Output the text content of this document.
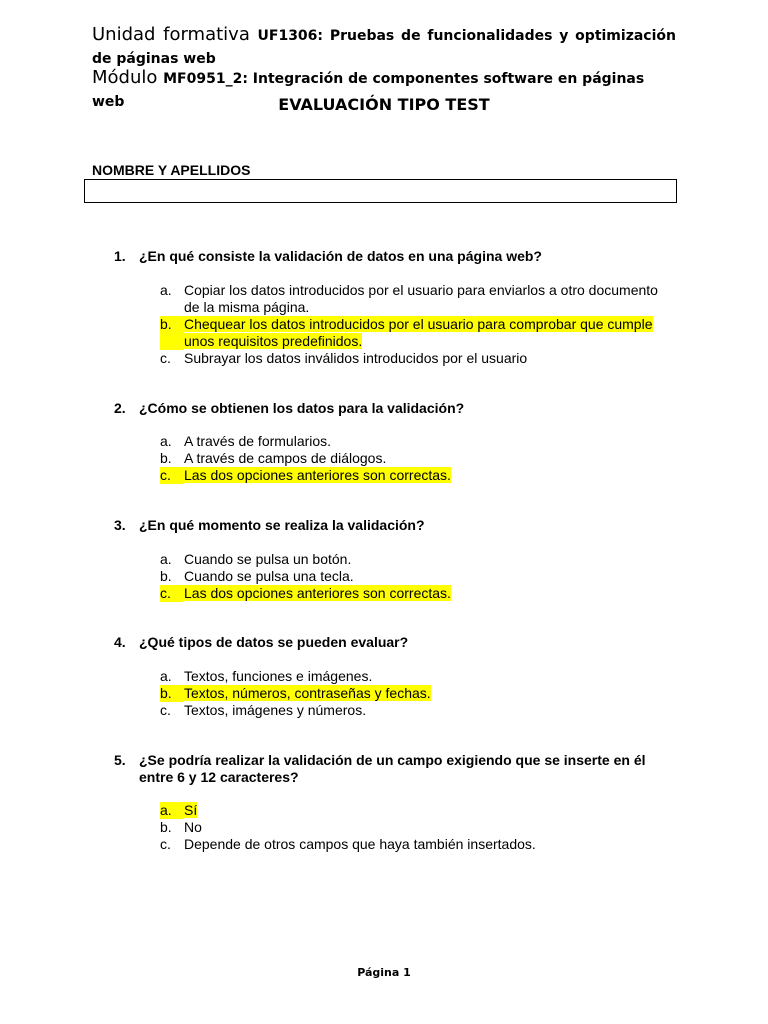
Unidad formativa UF1306: Pruebas de funcionalidades y optimización de páginas web
Módulo MF0951_2: Integración de componentes software en páginas web	EVALUACIÓN TIPO TEST
NOMBRE Y APELLIDOS
1. ¿En qué consiste la validación de datos en una página web?
a. Copiar los datos introducidos por el usuario para enviarlos a otro documento de la misma página.
b. Chequear los datos introducidos por el usuario para comprobar que cumple unos requisitos predefinidos.
c. Subrayar los datos inválidos introducidos por el usuario
2. ¿Cómo se obtienen los datos para la validación?
a. A través de formularios.
b. A través de campos de diálogos.
c. Las dos opciones anteriores son correctas.
3. ¿En qué momento se realiza la validación?
a. Cuando se pulsa un botón.
b. Cuando se pulsa una tecla.
c. Las dos opciones anteriores son correctas.
4. ¿Qué tipos de datos se pueden evaluar?
a. Textos, funciones e imágenes.
b. Textos, números, contraseñas y fechas.
c. Textos, imágenes y números.
5. ¿Se podría realizar la validación de un campo exigiendo que se inserte en él entre 6 y 12 caracteres?
a. Sí
b. No
c. Depende de otros campos que haya también insertados.
Página 1
